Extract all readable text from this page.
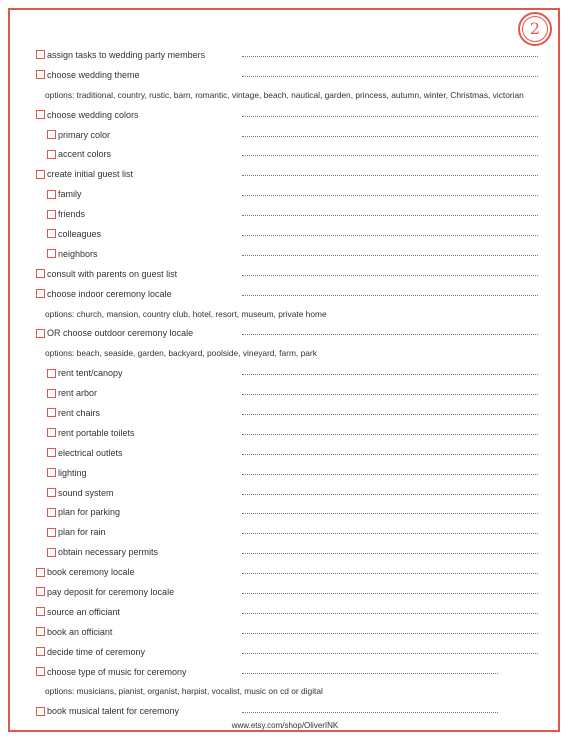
2
assign tasks to wedding party members
choose wedding theme
options: traditional, country, rustic, barn, romantic, vintage, beach, nautical, garden, princess, autumn, winter, Christmas, victorian
choose wedding colors
primary color
accent colors
create initial guest list
family
friends
colleagues
neighbors
consult with parents on guest list
choose indoor ceremony locale
options: church, mansion, country club, hotel, resort, museum, private home
OR choose outdoor ceremony locale
options: beach, seaside, garden, backyard, poolside, vineyard, farm, park
rent tent/canopy
rent arbor
rent chairs
rent portable toilets
electrical outlets
lighting
sound system
plan for parking
plan for rain
obtain necessary permits
book ceremony locale
pay deposit for ceremony locale
source an officiant
book an officiant
decide time of ceremony
choose type of music for ceremony
options: musicians, pianist, organist, harpist, vocalist, music on cd or digital
book musical talent for ceremony
www.etsy.com/shop/OliverINK
